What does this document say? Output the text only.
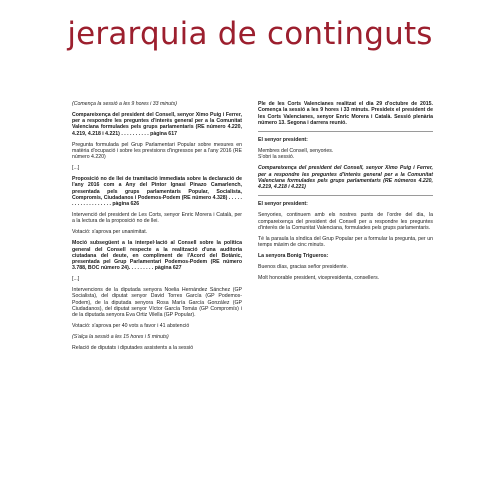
jerarquia de continguts

(Comença la sessió a les 9 hores i 33 minuts)

Compareixença del president del Consell, senyor Ximo Puig i Ferrer, per a respondre les preguntes d'interès general per a la Comunitat Valenciana formulades pels grups parlamentaris (RE número 4.220, 4.219, 4.218 i 4.221) . . . . . . . . . . pàgina 617

Pregunta formulada pel Grup Parlamentari Popular sobre mesures en matèria d'ocupació i sobre les previsions d'ingressos per a l'any 2016 (RE número 4.220)

[...]

Proposició no de llei de tramitació immediata sobre la declaració de l'any 2016 com a Any del Pintor Ignasi Pinazo Camarlench, presentada pels grups parlamentaris Popular, Socialista, Compromís, Ciudadanos i Podemos-Podem (RE número 4.328) . . . . . . . . . . . . . . . . . . . pàgina 626

Intervenció del president de Les Corts, senyor Enric Morera i Català, per a la lectura de la proposició no de llei.

Votació: s'aprova per unanimitat.

Moció subsegüent a la interpel·lació al Consell sobre la política general del Consell respecte a la realització d'una auditoria ciutadana del deute, en compliment de l'Acord del Botànic, presentada pel Grup Parlamentari Podemos-Podem (RE número 3.788, BOC número 24). . . . . . . . . pàgina 627

[...]

Intervencions de la diputada senyora Noelia Hernández Sánchez (GP Socialista), del diputat senyor David Torres García (GP Podemos-Podem), de la diputada senyora Rosa María García González (GP Ciudadanos), del diputat senyor Víctor García Tomás (GP Compromís) i de la diputada senyora Eva Ortiz Vilella (GP Popular).

Votació: s'aprova per 40 vots a favor i 41 abstenció

(S'alça la sessió a les 15 hores i 5 minuts)

Relació de diputats i diputades assistents a la sessió

Ple de les Corts Valencianes realitzat el dia 29 d'octubre de 2015. Comença la sessió a les 9 hores i 33 minuts. Presideix el president de les Corts Valencianes, senyor Enric Morera i Català. Sessió plenària número 13. Segona i darrera reunió.

El senyor president:

Membres del Consell, senyories.

S'obri la sessió.

Compareixença del president del Consell, senyor Ximo Puig i Ferrer, per a respondre les preguntes d'interès general per a la Comunitat Valenciana formulades pels grups parlamentaris (RE números 4.220, 4.219, 4.218 i 4.221)

El senyor president:

Senyories, continuem amb els nostres punts de l'ordre del dia, la compareixença del president del Consell per a respondre les preguntes d'interès de la Comunitat Valenciana, formulades pels grups parlamentaris.

Té la paraula la síndica del Grup Popular per a formular la pregunta, per un temps màxim de cinc minuts.

La senyora Bonig Trigueros:

Buenos días, gracias señor presidente.

Molt honorable president, vicepresidenta, consellers.
